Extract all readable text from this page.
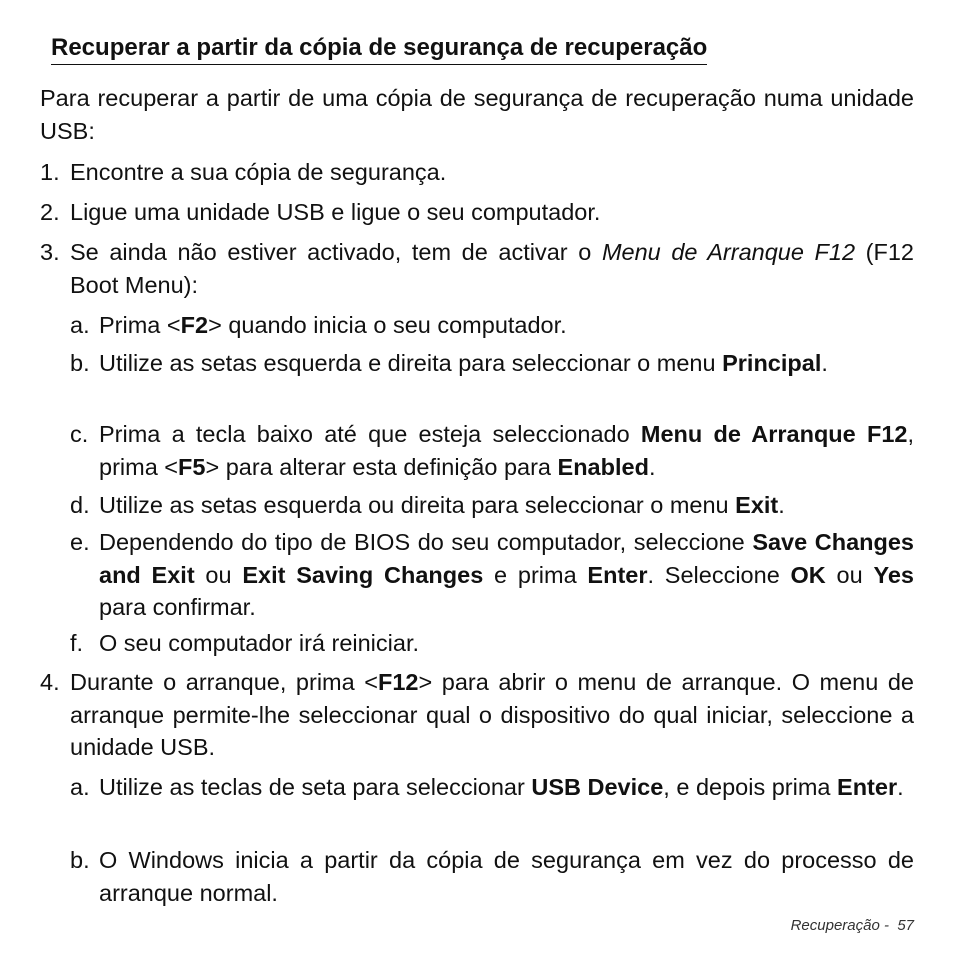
Recuperar a partir da cópia de segurança de recuperação

Para recuperar a partir de uma cópia de segurança de recuperação numa unidade USB:

1. Encontre a sua cópia de segurança.

2. Ligue uma unidade USB e ligue o seu computador.

3. Se ainda não estiver activado, tem de activar o Menu de Arranque F12 (F12 Boot Menu):

a. Prima <F2> quando inicia o seu computador.

b. Utilize as setas esquerda e direita para seleccionar o menu Principal.

c. Prima a tecla baixo até que esteja seleccionado Menu de Arranque F12, prima <F5> para alterar esta definição para Enabled.

d. Utilize as setas esquerda ou direita para seleccionar o menu Exit.

e. Dependendo do tipo de BIOS do seu computador, seleccione Save Changes and Exit ou Exit Saving Changes e prima Enter. Seleccione OK ou Yes para confirmar.

f. O seu computador irá reiniciar.

4. Durante o arranque, prima <F12> para abrir o menu de arranque. O menu de arranque permite-lhe seleccionar qual o dispositivo do qual iniciar, seleccione a unidade USB.

a. Utilize as teclas de seta para seleccionar USB Device, e depois prima Enter.

b. O Windows inicia a partir da cópia de segurança em vez do processo de arranque normal.

Recuperação -  57
